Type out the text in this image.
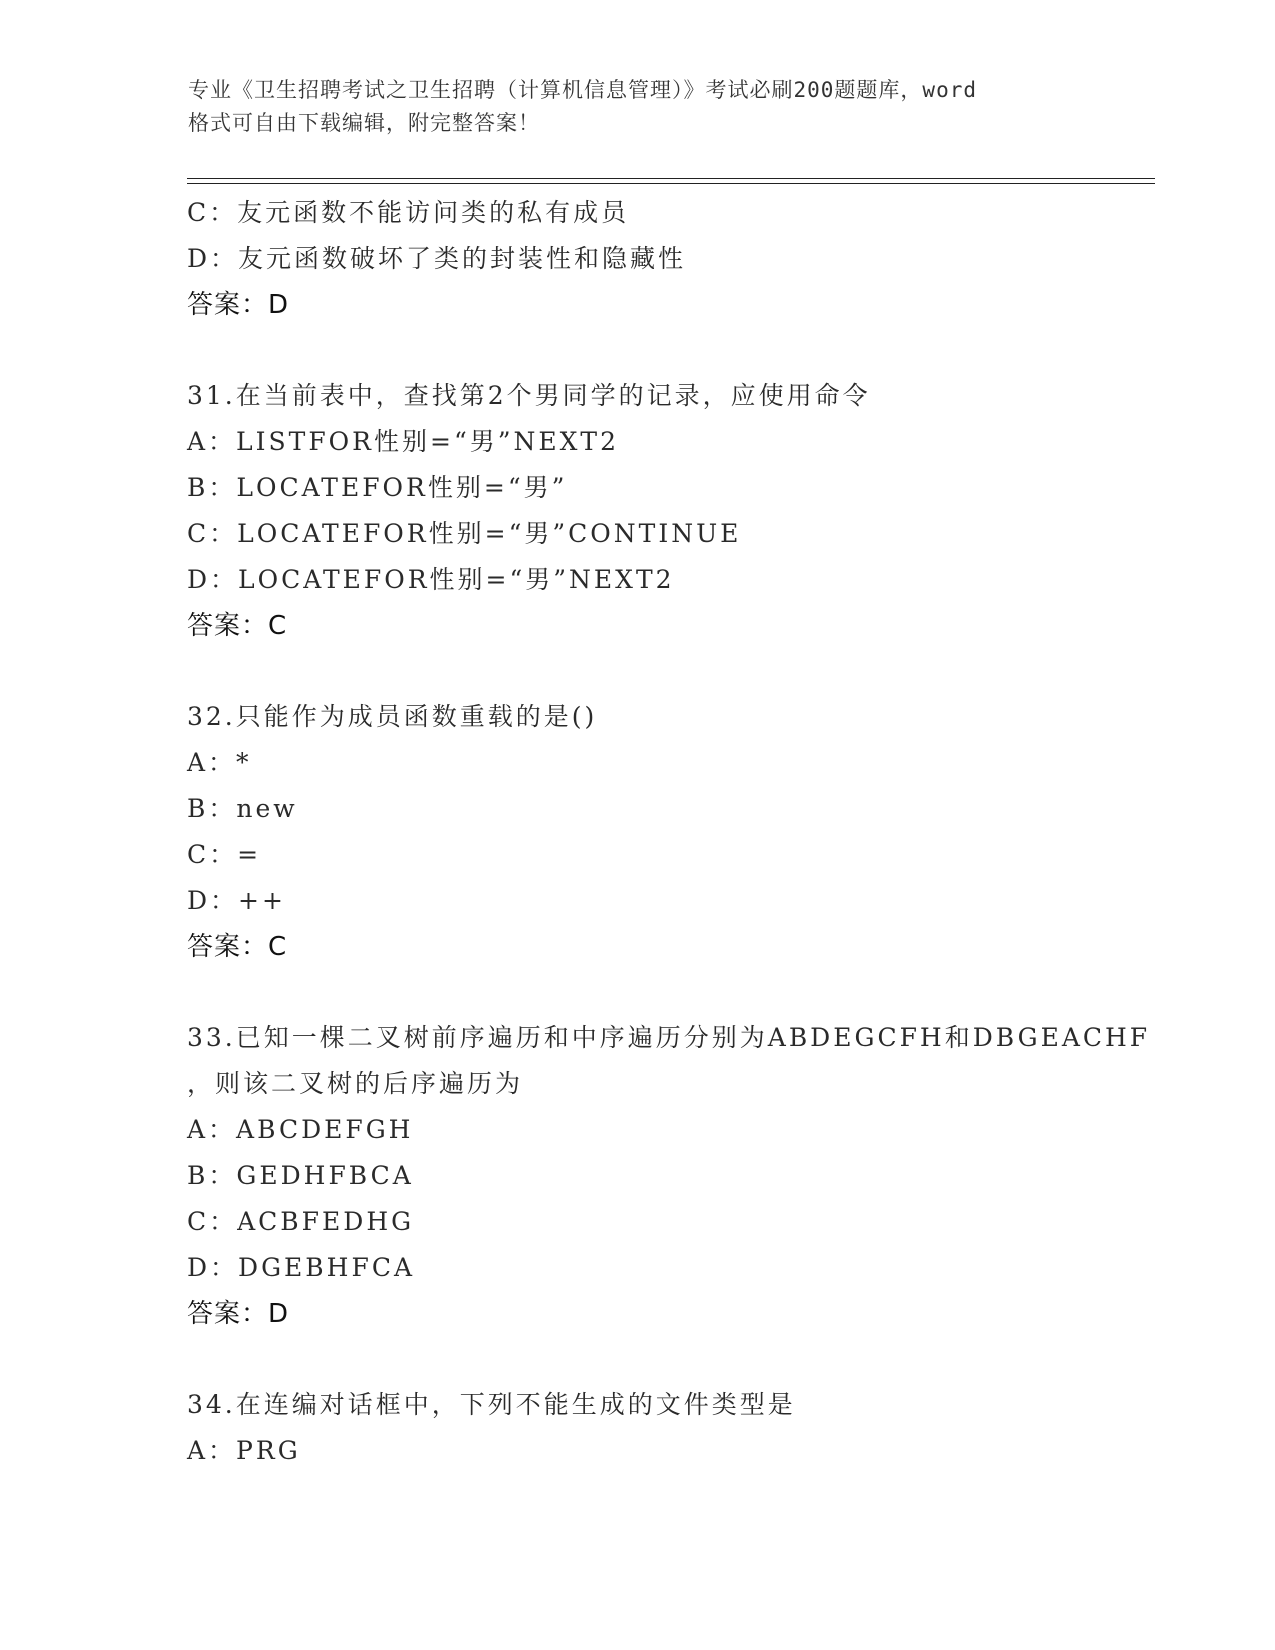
专业《卫生招聘考试之卫生招聘（计算机信息管理）》考试必刷200题题库，word
格式可自由下载编辑，附完整答案！
C：友元函数不能访问类的私有成员
D：友元函数破坏了类的封装性和隐藏性
答案：D
31.在当前表中，查找第2个男同学的记录，应使用命令
A：LISTFOR性别=“男”NEXT2
B：LOCATEFOR性别=“男”
C：LOCATEFOR性别=“男”CONTINUE
D：LOCATEFOR性别=“男”NEXT2
答案：C
32.只能作为成员函数重载的是()
A：*
B：new
C：=
D：++
答案：C
33.已知一棵二叉树前序遍历和中序遍历分别为ABDEGCFH和DBGEACHF
，则该二叉树的后序遍历为
A：ABCDEFGH
B：GEDHFBCA
C：ACBFEDHG
D：DGEBHFCA
答案：D
34.在连编对话框中，下列不能生成的文件类型是
A：PRG
